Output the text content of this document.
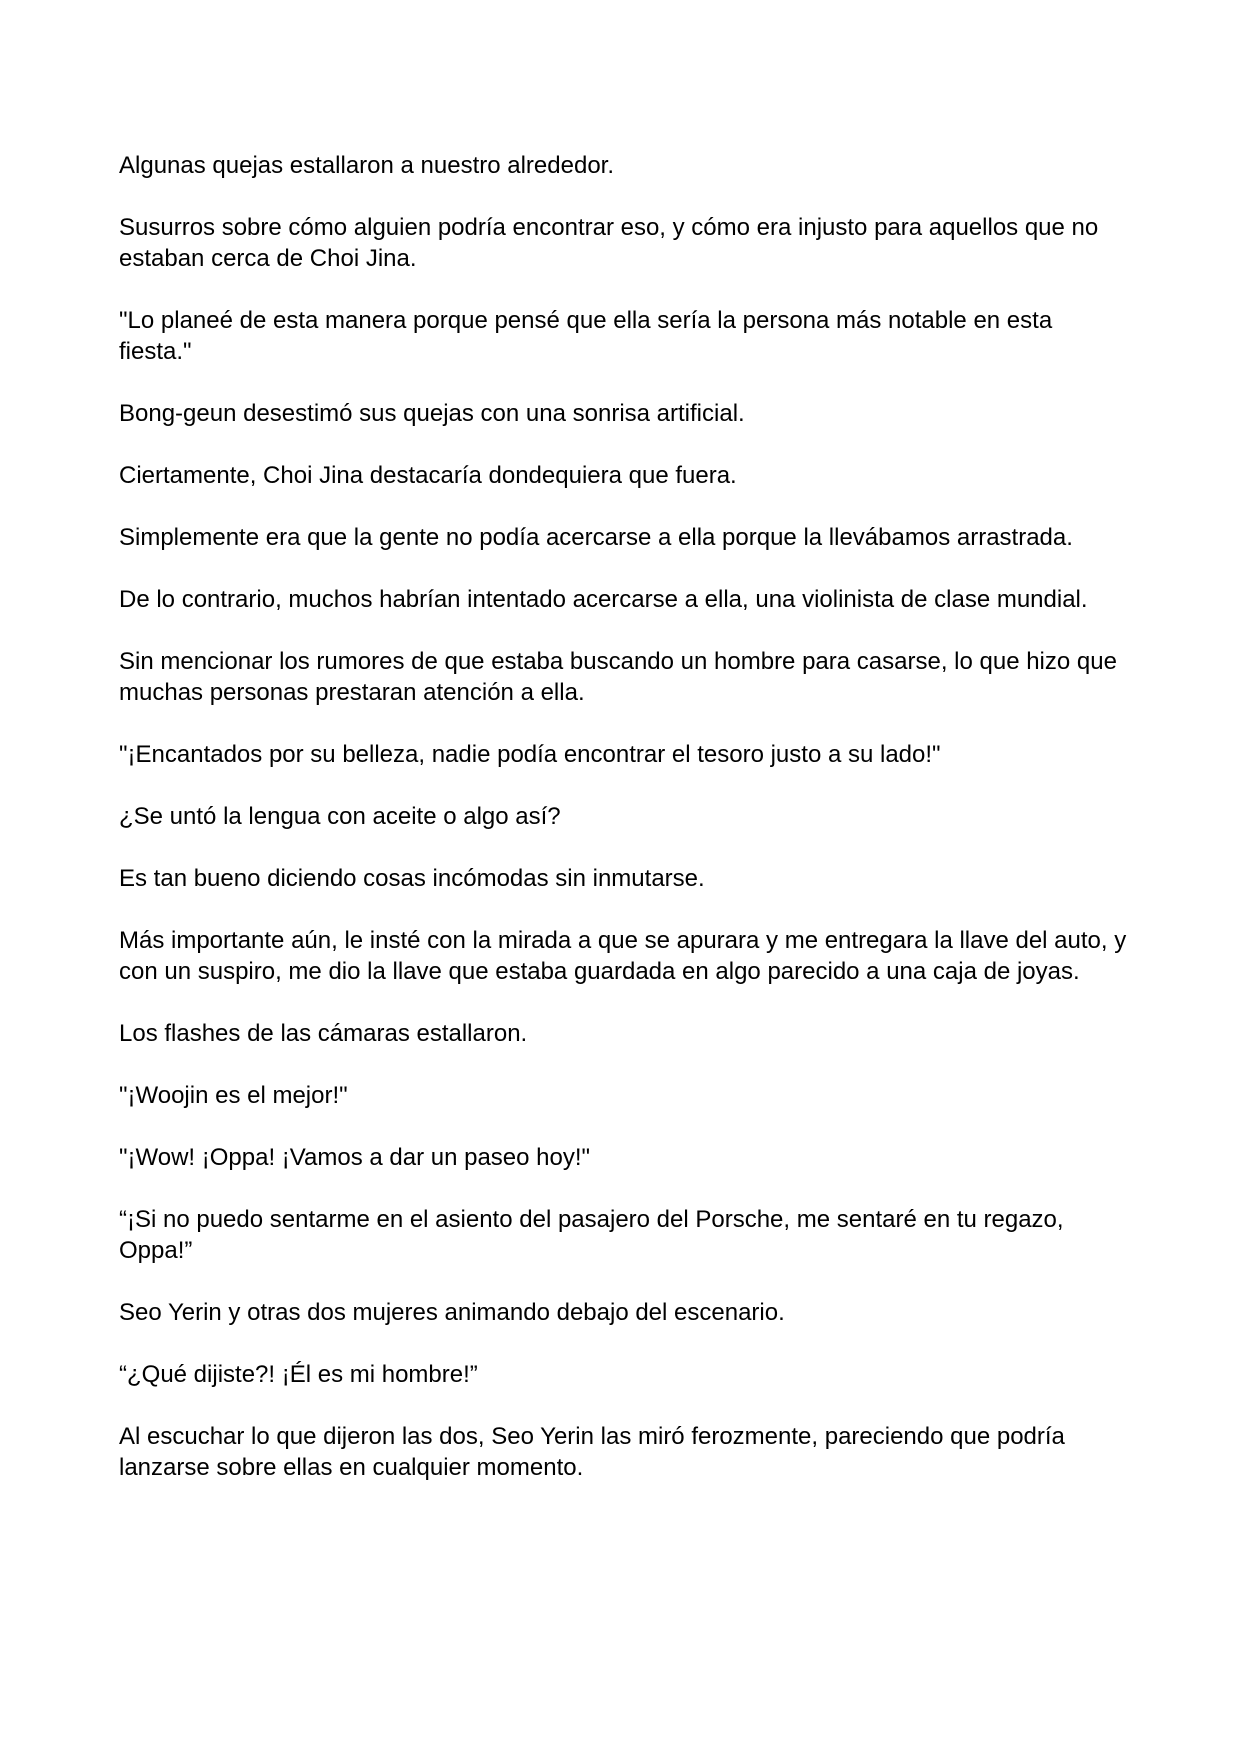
Algunas quejas estallaron a nuestro alrededor.

Susurros sobre cómo alguien podría encontrar eso, y cómo era injusto para aquellos que no estaban cerca de Choi Jina.

"Lo planeé de esta manera porque pensé que ella sería la persona más notable en esta fiesta."

Bong-geun desestimó sus quejas con una sonrisa artificial.

Ciertamente, Choi Jina destacaría dondequiera que fuera.

Simplemente era que la gente no podía acercarse a ella porque la llevábamos arrastrada.

De lo contrario, muchos habrían intentado acercarse a ella, una violinista de clase mundial.

Sin mencionar los rumores de que estaba buscando un hombre para casarse, lo que hizo que muchas personas prestaran atención a ella.

"¡Encantados por su belleza, nadie podía encontrar el tesoro justo a su lado!"

¿Se untó la lengua con aceite o algo así?

Es tan bueno diciendo cosas incómodas sin inmutarse.

Más importante aún, le insté con la mirada a que se apurara y me entregara la llave del auto, y con un suspiro, me dio la llave que estaba guardada en algo parecido a una caja de joyas.

Los flashes de las cámaras estallaron.

"¡Woojin es el mejor!"

"¡Wow! ¡Oppa! ¡Vamos a dar un paseo hoy!"

“¡Si no puedo sentarme en el asiento del pasajero del Porsche, me sentaré en tu regazo, Oppa!”

Seo Yerin y otras dos mujeres animando debajo del escenario.

“¿Qué dijiste?! ¡Él es mi hombre!”

Al escuchar lo que dijeron las dos, Seo Yerin las miró ferozmente, pareciendo que podría lanzarse sobre ellas en cualquier momento.
